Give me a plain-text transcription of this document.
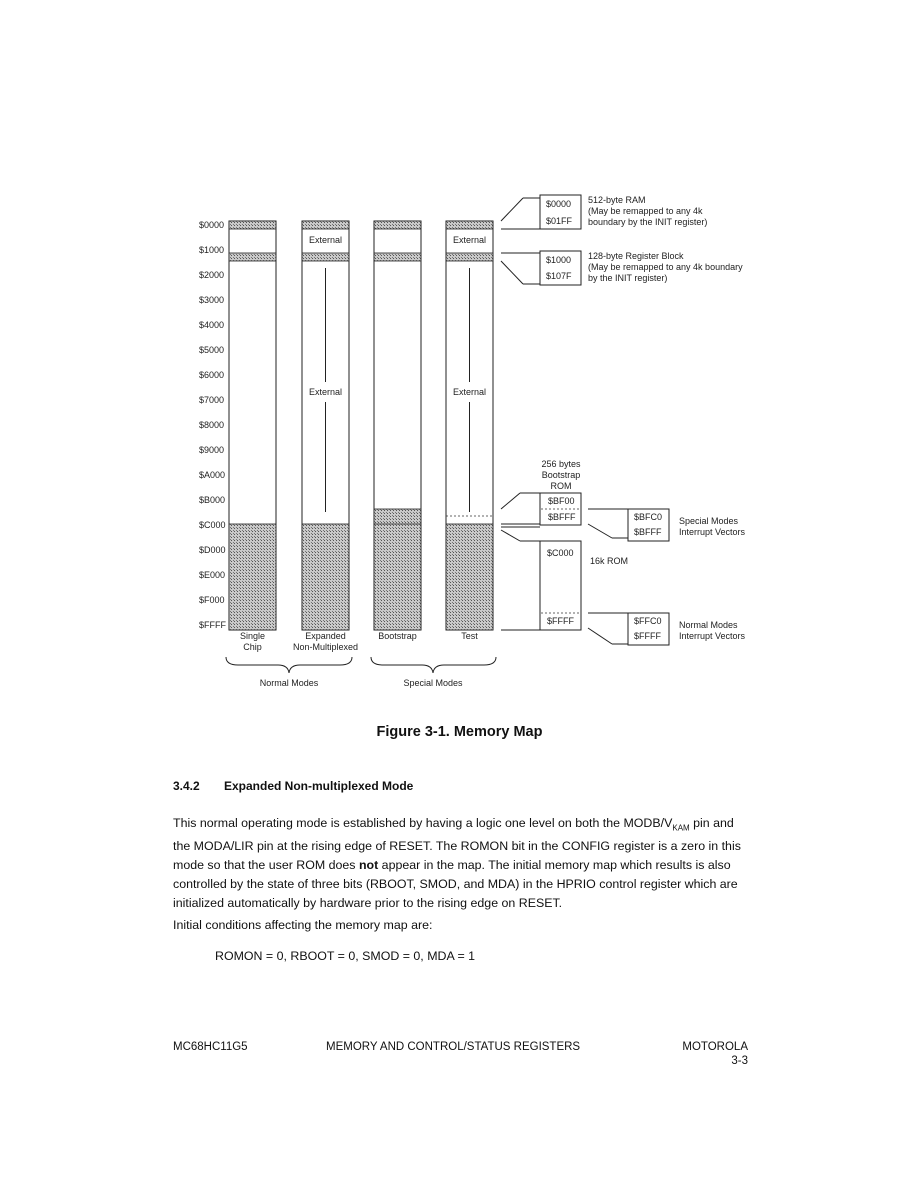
$0000
$1000
$2000
$3000
$4000
$5000
$6000
$7000
$8000
$9000
$A000
$B000
$C000
$D000
$E000
$F000
$FFFF
Single
Chip
External
External
Expanded
Non-Multiplexed
Bootstrap
External
External
Test
Normal Modes	Special Modes
$0000
$01FF
512-byte RAM
(May be remapped to any 4k
boundary by the INIT register)
$1000
$107F
128-byte Register Block
(May be remapped to any 4k boundary
by the INIT register)
256 bytes
Bootstrap
ROM
$BF00
$BFFF	$BFC0
$BFFF
Special Modes
Interrupt Vectors
$C000
$FFFF
16k ROM
$FFC0
$FFFF
Normal Modes
Interrupt Vectors
Figure 3-1. Memory Map
3.4.2 Expanded Non-multiplexed Mode
This normal operating mode is established by having a logic one level on both the MODB/$V_{KAM}$ pin and the MODA/LIR pin at the rising edge of RESET. The ROMON bit in the CONFIG register is a zero in this mode so that the user ROM does not appear in the map. The initial memory map which results is also controlled by the state of three bits (RBOOT, SMOD, and MDA) in the HPRIO control register which are initialized automatically by hardware prior to the rising edge on RESET.
Initial conditions affecting the memory map are:
ROMON = 0, RBOOT = 0, SMOD = 0, MDA = 1
MC68HC11G5	MEMORY AND CONTROL/STATUS REGISTERS	MOTOROLA
3-3
